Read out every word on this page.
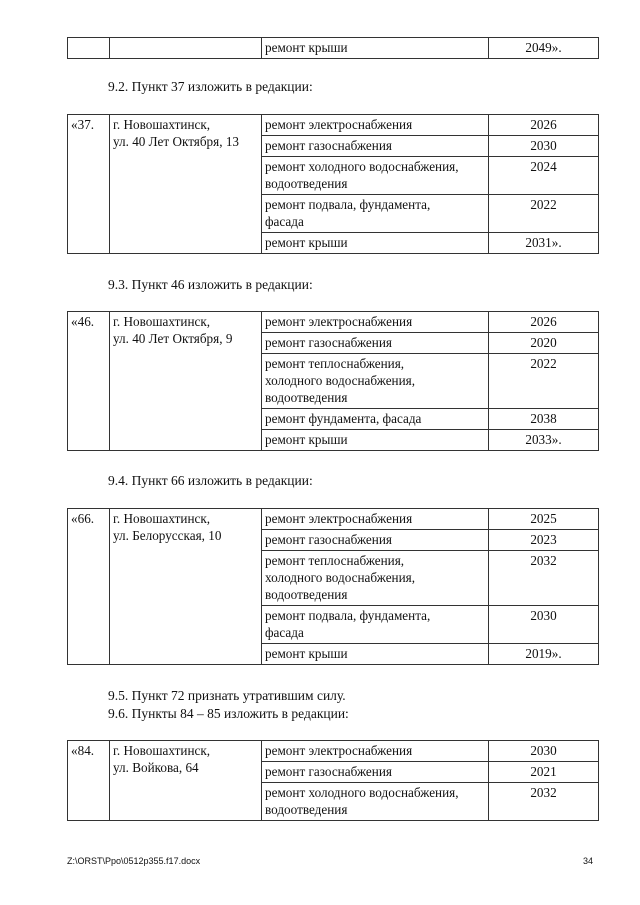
		ремонт крыши	2049».
9.2. Пункт 37 изложить в редакции:
«37.	г. Новошахтинск,
ул. 40 Лет Октября, 13	ремонт электроснабжения	2026
		ремонт газоснабжения	2030
		ремонт холодного водоснабжения,
водоотведения	2024
		ремонт подвала, фундамента,
фасада	2022
		ремонт крыши	2031».
9.3. Пункт 46 изложить в редакции:
«46.	г. Новошахтинск,
ул. 40 Лет Октября, 9	ремонт электроснабжения	2026
		ремонт газоснабжения	2020
		ремонт теплоснабжения,
холодного водоснабжения,
водоотведения	2022
		ремонт фундамента, фасада	2038
		ремонт крыши	2033».
9.4. Пункт 66 изложить в редакции:
«66.	г. Новошахтинск,
ул. Белорусская, 10	ремонт электроснабжения	2025
		ремонт газоснабжения	2023
		ремонт теплоснабжения,
холодного водоснабжения,
водоотведения	2032
		ремонт подвала, фундамента,
фасада	2030
		ремонт крыши	2019».
9.5. Пункт 72 признать утратившим силу.
9.6. Пункты 84 – 85 изложить в редакции:
«84.	г. Новошахтинск,
ул. Войкова, 64	ремонт электроснабжения	2030
		ремонт газоснабжения	2021
		ремонт холодного водоснабжения,
водоотведения	2032
Z:\ORST\Ppo\0512p355.f17.docx	34
